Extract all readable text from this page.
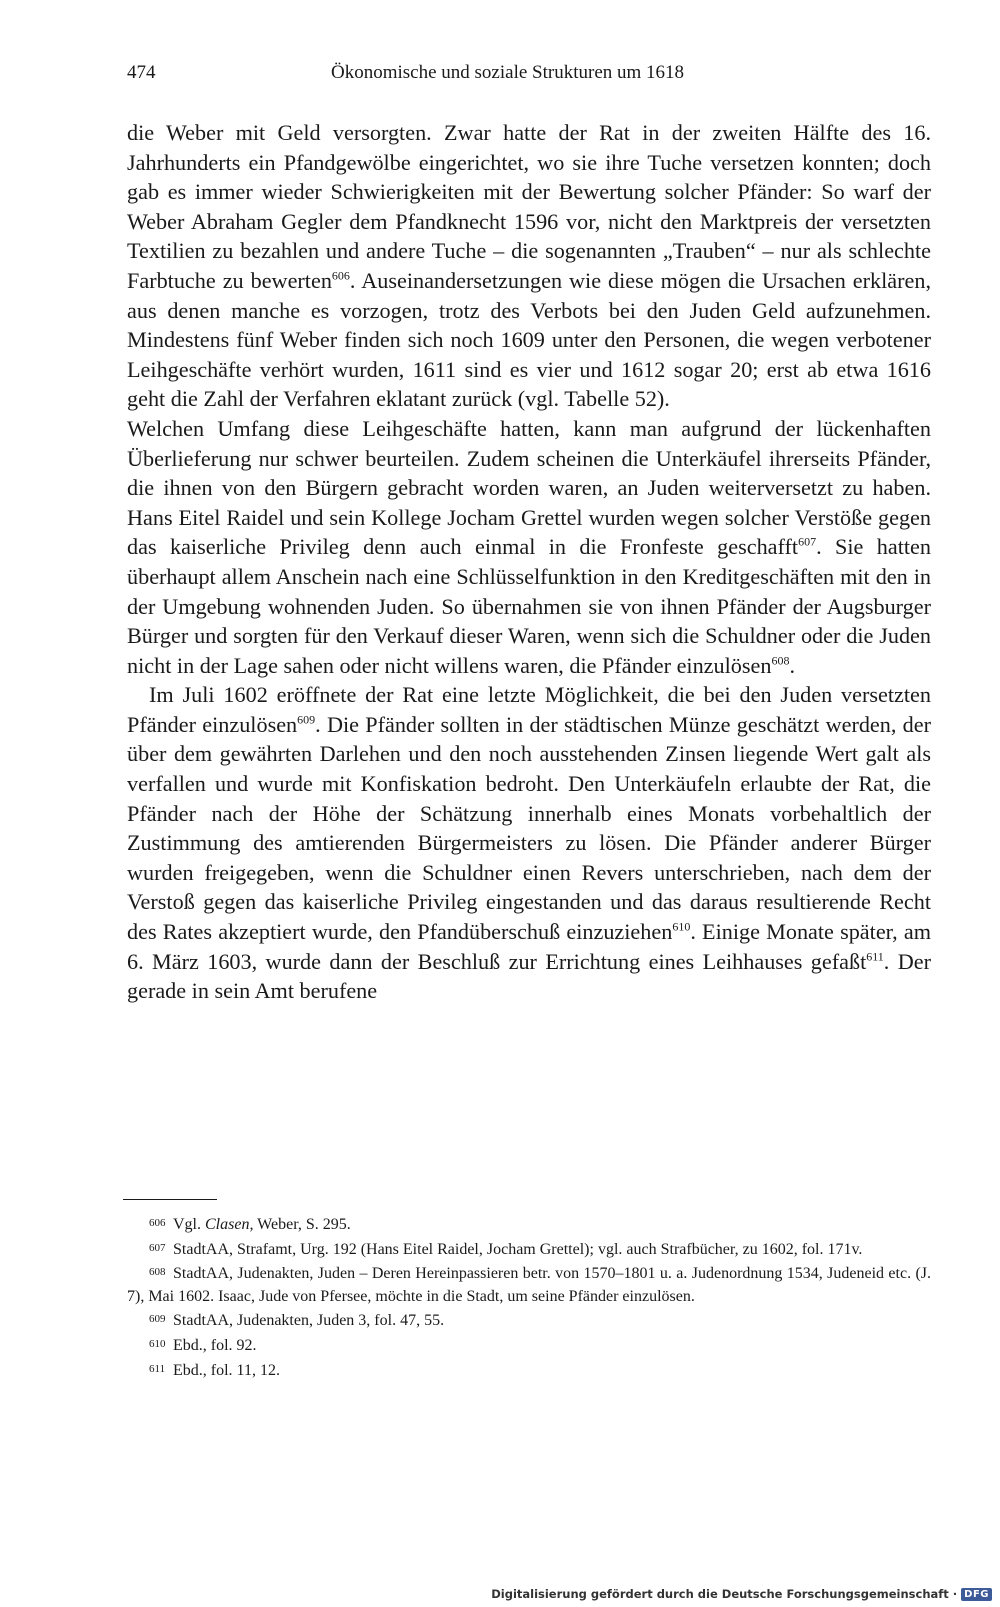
474	Ökonomische und soziale Strukturen um 1618

die Weber mit Geld versorgten. Zwar hatte der Rat in der zweiten Hälfte des 16. Jahrhunderts ein Pfandgewölbe eingerichtet, wo sie ihre Tuche versetzen konnten; doch gab es immer wieder Schwierigkeiten mit der Bewertung solcher Pfänder: So warf der Weber Abraham Gegler dem Pfandknecht 1596 vor, nicht den Marktpreis der versetzten Textilien zu bezahlen und andere Tuche – die sogenannten „Trauben“ – nur als schlechte Farbtuche zu bewerten$^{606}$. Auseinandersetzungen wie diese mögen die Ursachen erklären, aus denen manche es vorzogen, trotz des Verbots bei den Juden Geld aufzunehmen. Mindestens fünf Weber finden sich noch 1609 unter den Personen, die wegen verbotener Leihgeschäfte verhört wurden, 1611 sind es vier und 1612 sogar 20; erst ab etwa 1616 geht die Zahl der Verfahren eklatant zurück (vgl. Tabelle 52).

Welchen Umfang diese Leihgeschäfte hatten, kann man aufgrund der lückenhaften Überlieferung nur schwer beurteilen. Zudem scheinen die Unterkäufel ihrerseits Pfänder, die ihnen von den Bürgern gebracht worden waren, an Juden weiterversetzt zu haben. Hans Eitel Raidel und sein Kollege Jocham Grettel wurden wegen solcher Verstöße gegen das kaiserliche Privileg denn auch einmal in die Fronfeste geschafft$^{607}$. Sie hatten überhaupt allem Anschein nach eine Schlüsselfunktion in den Kreditgeschäften mit den in der Umgebung wohnenden Juden. So übernahmen sie von ihnen Pfänder der Augsburger Bürger und sorgten für den Verkauf dieser Waren, wenn sich die Schuldner oder die Juden nicht in der Lage sahen oder nicht willens waren, die Pfänder einzulösen$^{608}$.

Im Juli 1602 eröffnete der Rat eine letzte Möglichkeit, die bei den Juden versetzten Pfänder einzulösen$^{609}$. Die Pfänder sollten in der städtischen Münze geschätzt werden, der über dem gewährten Darlehen und den noch ausstehenden Zinsen liegende Wert galt als verfallen und wurde mit Konfiskation bedroht. Den Unterkäufeln erlaubte der Rat, die Pfänder nach der Höhe der Schätzung innerhalb eines Monats vorbehaltlich der Zustimmung des amtierenden Bürgermeisters zu lösen. Die Pfänder anderer Bürger wurden freigegeben, wenn die Schuldner einen Revers unterschrieben, nach dem der Verstoß gegen das kaiserliche Privileg eingestanden und das daraus resultierende Recht des Rates akzeptiert wurde, den Pfandüberschuß einzuziehen$^{610}$. Einige Monate später, am 6. März 1603, wurde dann der Beschluß zur Errichtung eines Leihhauses gefaßt$^{611}$. Der gerade in sein Amt berufene

606 Vgl. Clasen, Weber, S. 295.
607 StadtAA, Strafamt, Urg. 192 (Hans Eitel Raidel, Jocham Grettel); vgl. auch Strafbücher, zu 1602, fol. 171v.
608 StadtAA, Judenakten, Juden – Deren Hereinpassieren betr. von 1570–1801 u. a. Judenordnung 1534, Judeneid etc. (J. 7), Mai 1602. Isaac, Jude von Pfersee, möchte in die Stadt, um seine Pfänder einzulösen.
609 StadtAA, Judenakten, Juden 3, fol. 47, 55.
610 Ebd., fol. 92.
611 Ebd., fol. 11, 12.
Digitalisierung gefördert durch die Deutsche Forschungsgemeinschaft · DFG
